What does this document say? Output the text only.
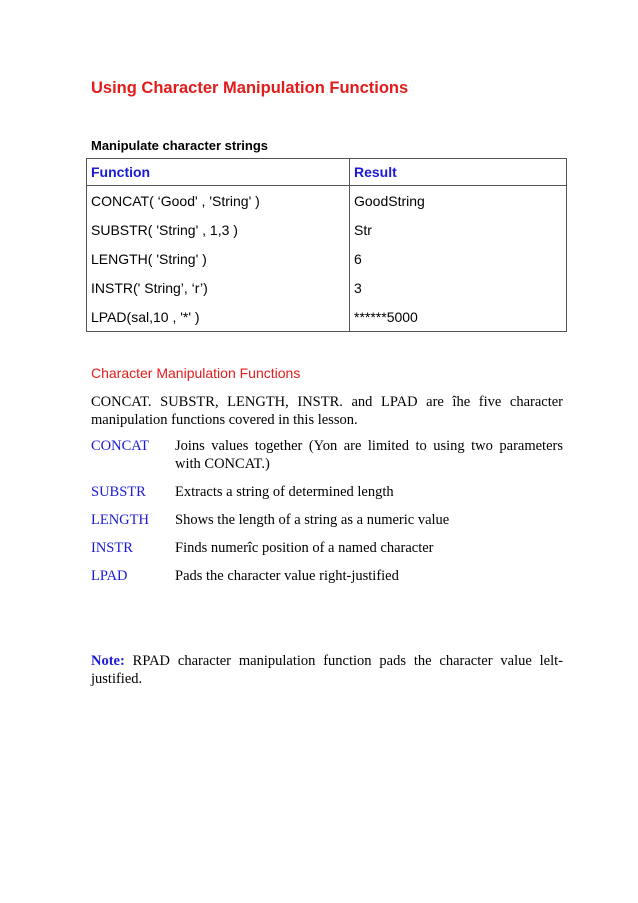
Using Character Manipulation Functions
Manipulate character strings
Function	Result
CONCAT( ‘Good' , 'String' )	GoodString
SUBSTR( 'String' , 1,3 )	Str
LENGTH( 'String' )	6
INSTR(' String’, ‘r’)	3
LPAD(sal,10 , '*' )	******5000
Character Manipulation Functions
CONCAT. SUBSTR, LENGTH, INSTR. and LPAD are îhe five character
manipulation functions covered in this lesson.
CONCAT	Joins values together (Yon are limited to using two parameters
with CONCAT.)
SUBSTR	Extracts a string of determined length
LENGTH	Shows the length of a string as a numeric value
INSTR	Finds numerîc position of a named character
LPAD	Pads the character value right-justified
Note: RPAD character manipulation function pads the character value lelt-
justified.
